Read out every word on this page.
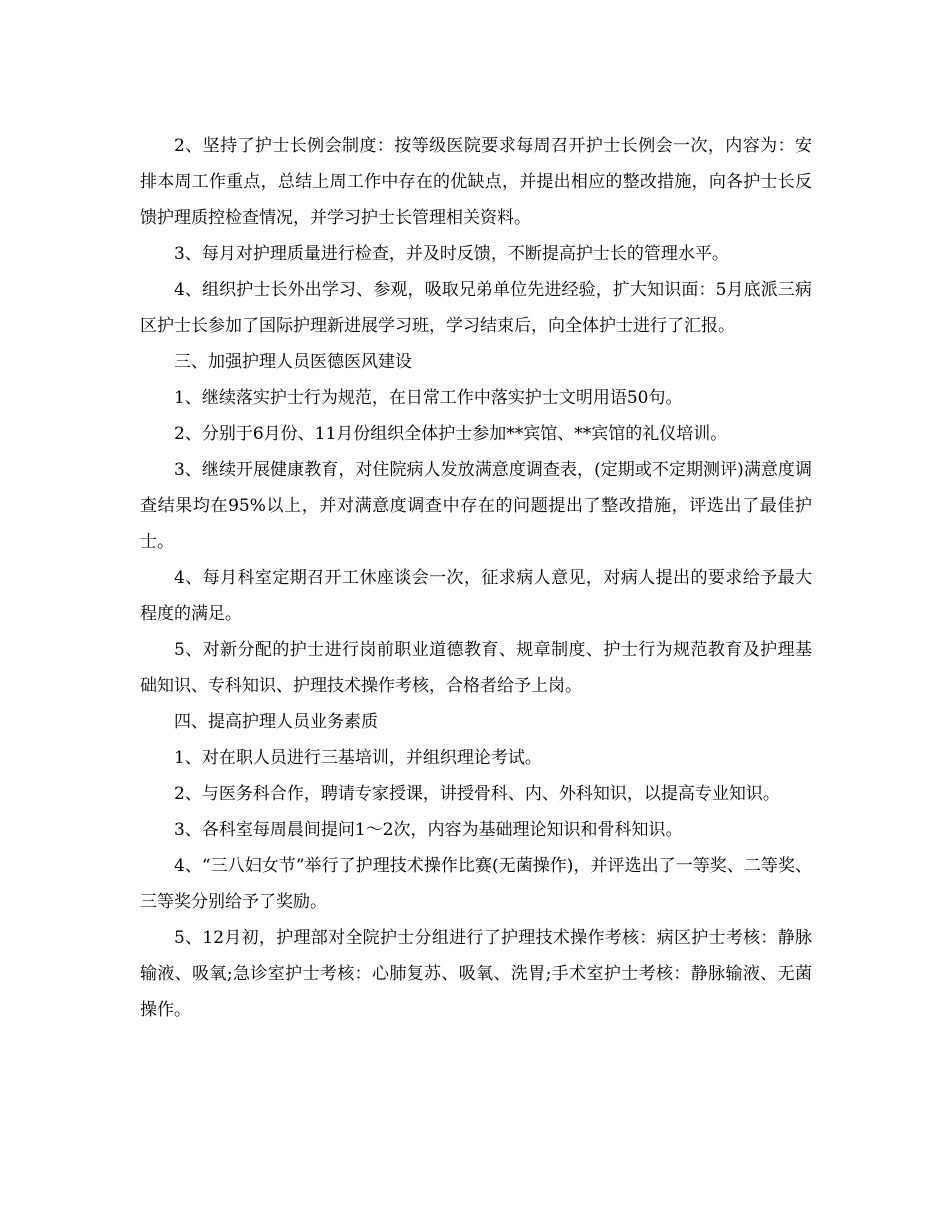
2、坚持了护士长例会制度：按等级医院要求每周召开护士长例会一次，内容为：安排本周工作重点，总结上周工作中存在的优缺点，并提出相应的整改措施，向各护士长反馈护理质控检查情况，并学习护士长管理相关资料。

3、每月对护理质量进行检查，并及时反馈，不断提高护士长的管理水平。

4、组织护士长外出学习、参观，吸取兄弟单位先进经验，扩大知识面：5月底派三病区护士长参加了国际护理新进展学习班，学习结束后，向全体护士进行了汇报。

三、加强护理人员医德医风建设

1、继续落实护士行为规范，在日常工作中落实护士文明用语50句。

2、分别于6月份、11月份组织全体护士参加**宾馆、**宾馆的礼仪培训。

3、继续开展健康教育，对住院病人发放满意度调查表，(定期或不定期测评)满意度调查结果均在95%以上，并对满意度调查中存在的问题提出了整改措施，评选出了最佳护士。

4、每月科室定期召开工休座谈会一次，征求病人意见，对病人提出的要求给予最大程度的满足。

5、对新分配的护士进行岗前职业道德教育、规章制度、护士行为规范教育及护理基础知识、专科知识、护理技术操作考核，合格者给予上岗。

四、提高护理人员业务素质

1、对在职人员进行三基培训，并组织理论考试。

2、与医务科合作，聘请专家授课，讲授骨科、内、外科知识，以提高专业知识。

3、各科室每周晨间提问1～2次，内容为基础理论知识和骨科知识。

4、“三八妇女节”举行了护理技术操作比赛(无菌操作)，并评选出了一等奖、二等奖、三等奖分别给予了奖励。

5、12月初，护理部对全院护士分组进行了护理技术操作考核：病区护士考核：静脉输液、吸氧;急诊室护士考核：心肺复苏、吸氧、洗胃;手术室护士考核：静脉输液、无菌操作。
